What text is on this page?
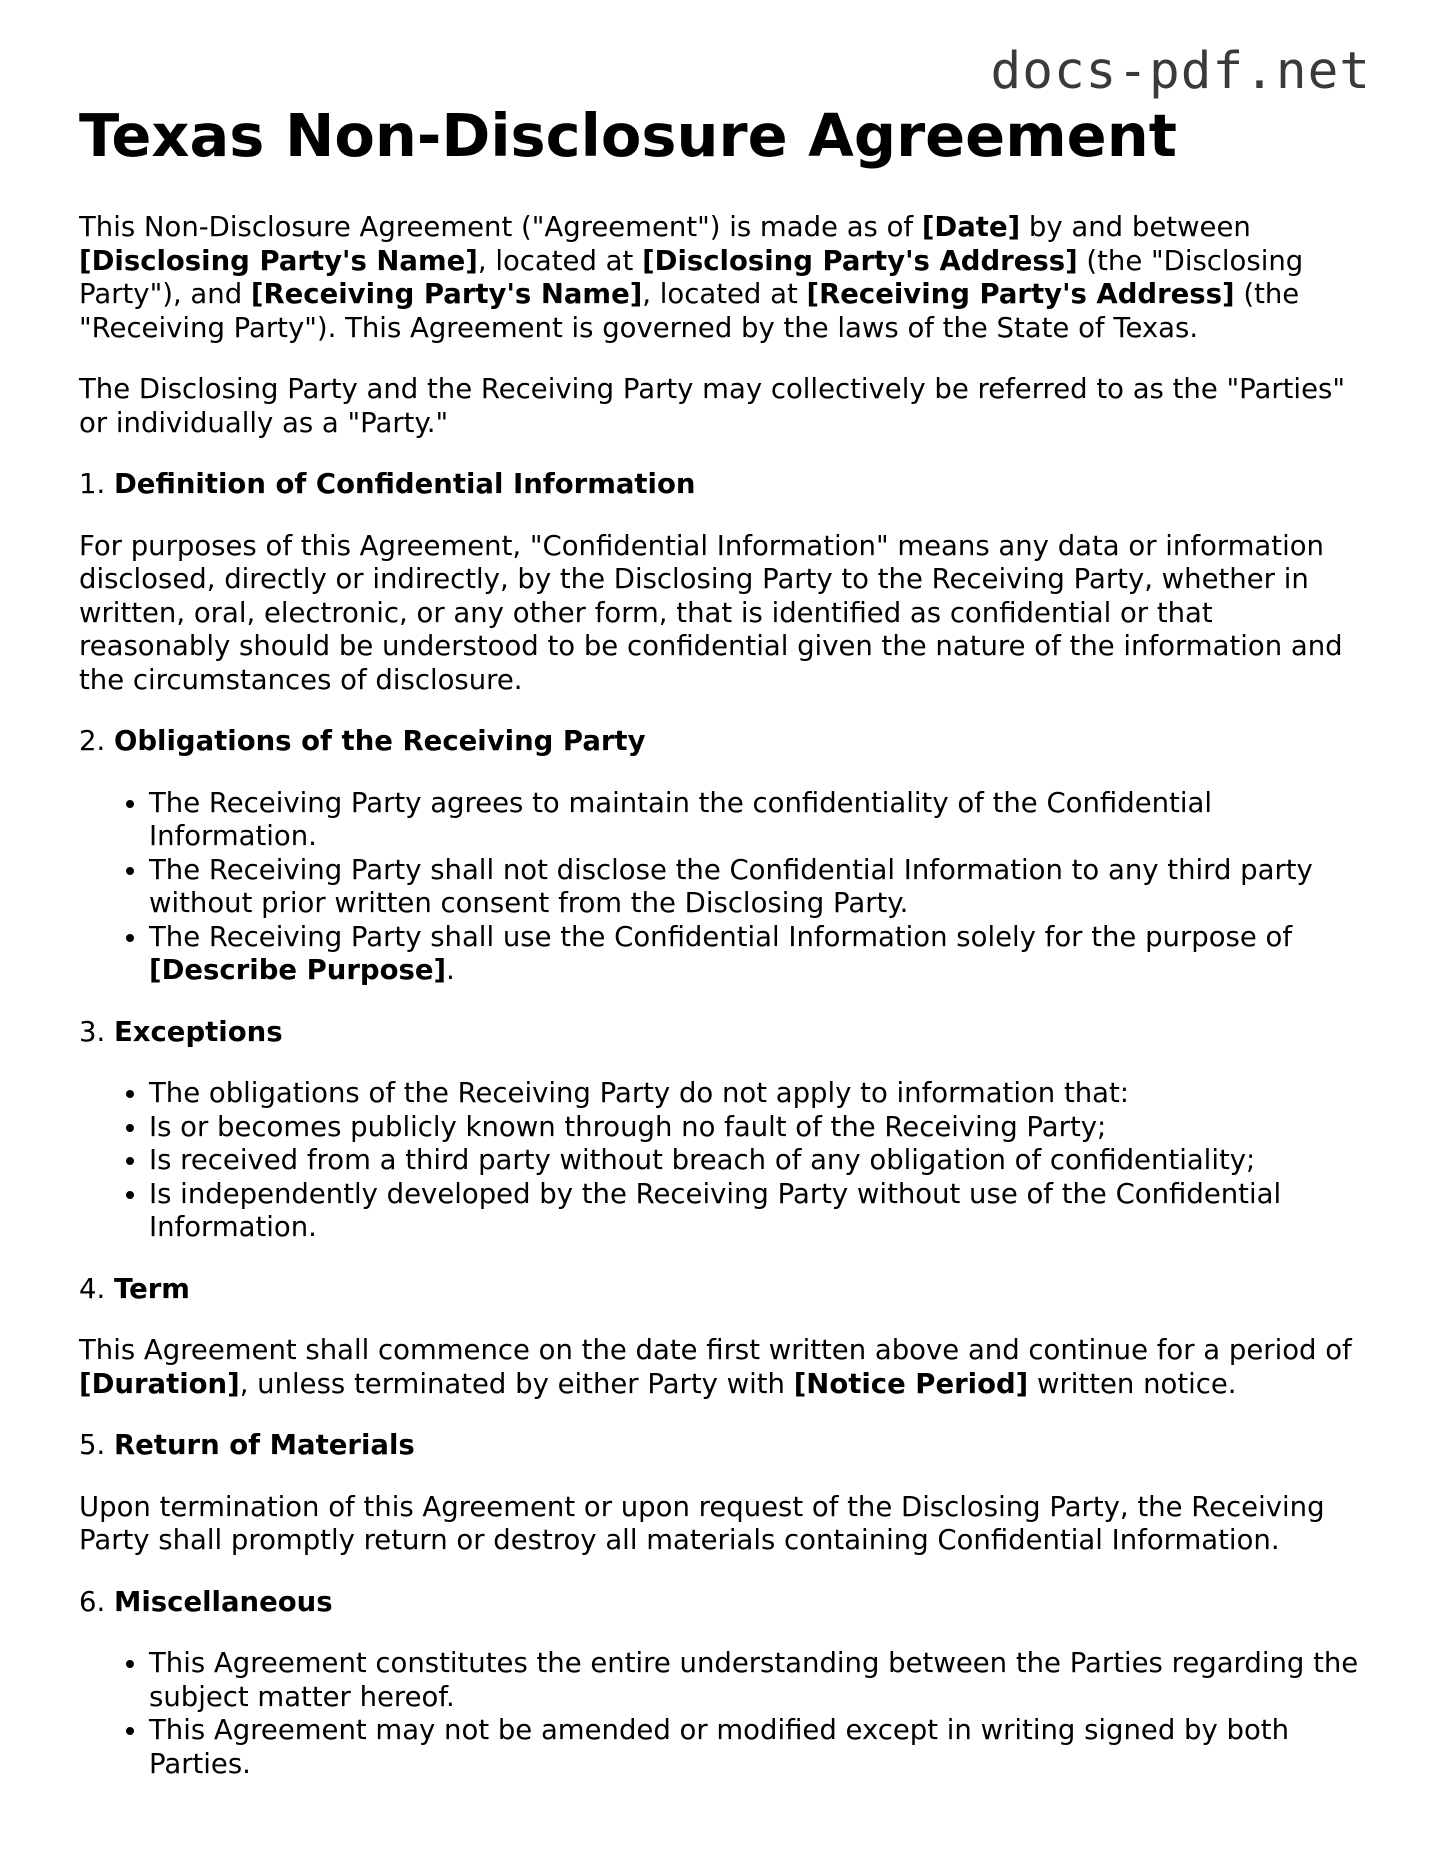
docs-pdf.net
Texas Non-Disclosure Agreement

This Non-Disclosure Agreement ("Agreement") is made as of [Date] by and between [Disclosing Party's Name], located at [Disclosing Party's Address] (the "Disclosing Party"), and [Receiving Party's Name], located at [Receiving Party's Address] (the "Receiving Party"). This Agreement is governed by the laws of the State of Texas.

The Disclosing Party and the Receiving Party may collectively be referred to as the "Parties" or individually as a "Party."

1. Definition of Confidential Information

For purposes of this Agreement, "Confidential Information" means any data or information disclosed, directly or indirectly, by the Disclosing Party to the Receiving Party, whether in written, oral, electronic, or any other form, that is identified as confidential or that reasonably should be understood to be confidential given the nature of the information and the circumstances of disclosure.

2. Obligations of the Receiving Party
• The Receiving Party agrees to maintain the confidentiality of the Confidential Information.
• The Receiving Party shall not disclose the Confidential Information to any third party without prior written consent from the Disclosing Party.
• The Receiving Party shall use the Confidential Information solely for the purpose of [Describe Purpose].
3. Exceptions
• The obligations of the Receiving Party do not apply to information that:
• Is or becomes publicly known through no fault of the Receiving Party;
• Is received from a third party without breach of any obligation of confidentiality;
• Is independently developed by the Receiving Party without use of the Confidential Information.
4. Term

This Agreement shall commence on the date first written above and continue for a period of [Duration], unless terminated by either Party with [Notice Period] written notice.

5. Return of Materials

Upon termination of this Agreement or upon request of the Disclosing Party, the Receiving Party shall promptly return or destroy all materials containing Confidential Information.

6. Miscellaneous
• This Agreement constitutes the entire understanding between the Parties regarding the subject matter hereof.
• This Agreement may not be amended or modified except in writing signed by both Parties.
